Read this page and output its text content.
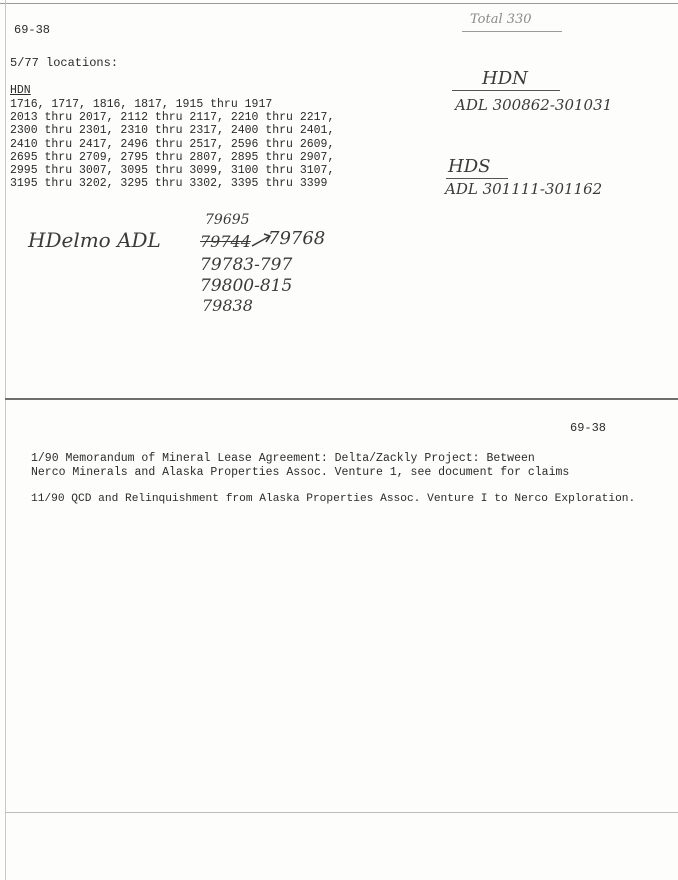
69-38
5/77 locations:
HDN
1716, 1717, 1816, 1817, 1915 thru 1917
2013 thru 2017, 2112 thru 2117, 2210 thru 2217,
2300 thru 2301, 2310 thru 2317, 2400 thru 2401,
2410 thru 2417, 2496 thru 2517, 2596 thru 2609,
2695 thru 2709, 2795 thru 2807, 2895 thru 2907,
2995 thru 3007, 3095 thru 3099, 3100 thru 3107,
3195 thru 3202, 3295 thru 3302, 3395 thru 3399
Total 330
HDN
ADL 300862-301031
HDS
ADL 301111-301162
HDelmo ADL
79695
79744 79768
79783-797
79800-815
79838
69-38
1/90 Memorandum of Mineral Lease Agreement: Delta/Zackly Project: Between
Nerco Minerals and Alaska Properties Assoc. Venture 1, see document for claims
11/90 QCD and Relinquishment from Alaska Properties Assoc. Venture I to Nerco Exploration.
